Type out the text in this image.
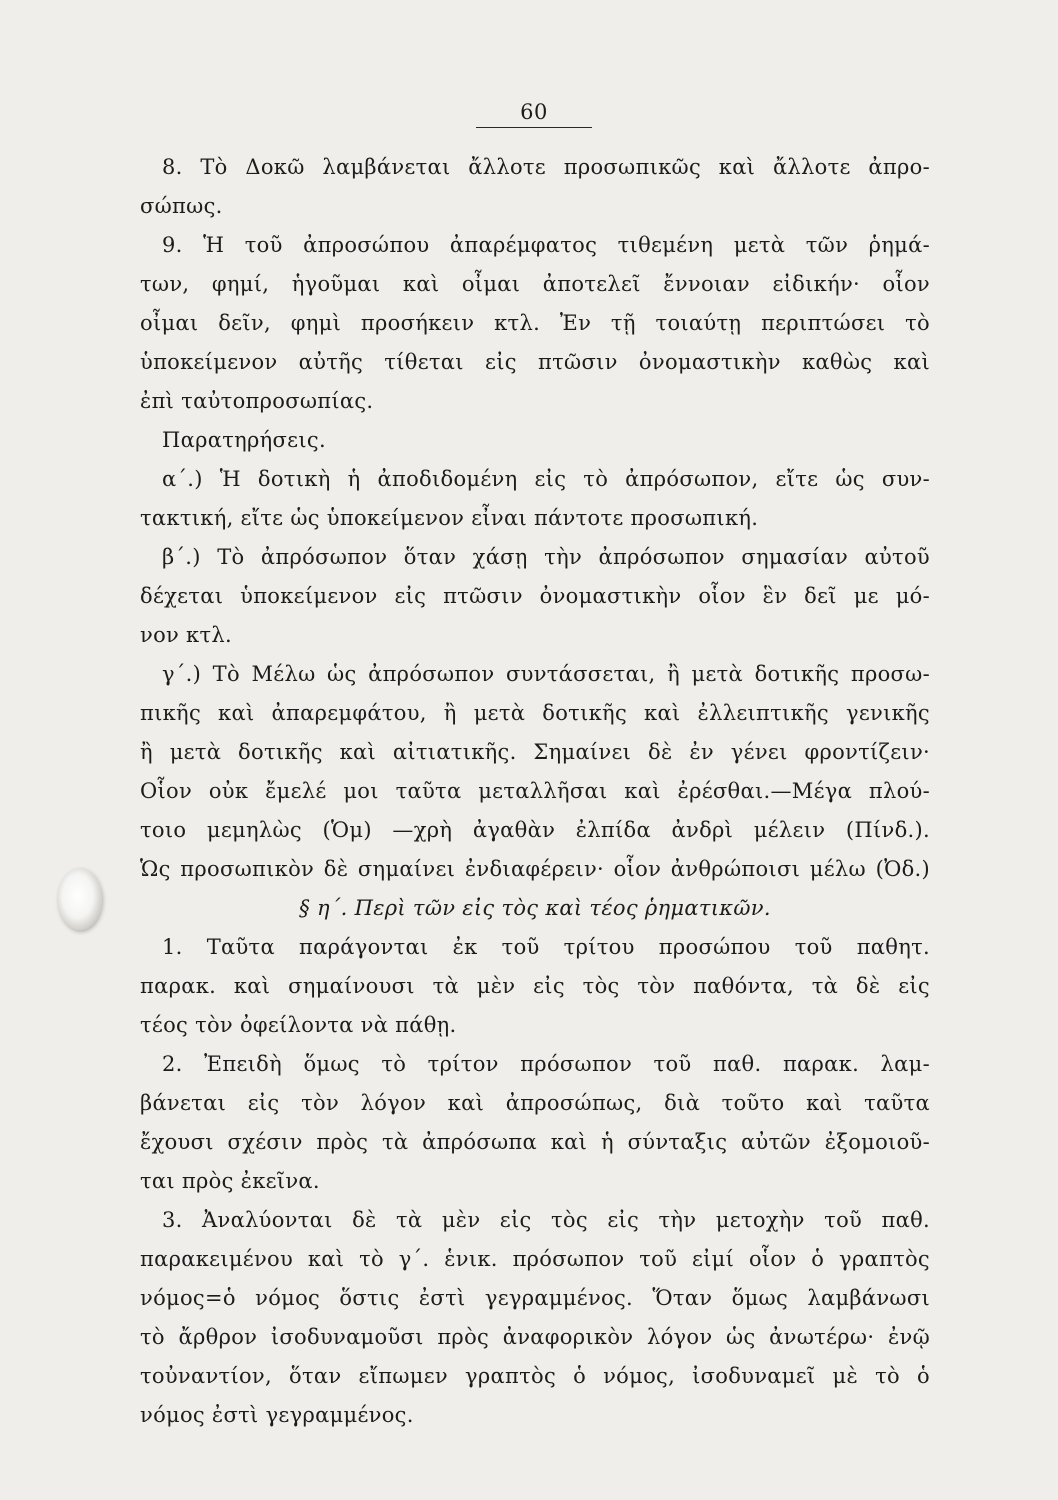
60
8. Τὸ Δοκῶ λαμβάνεται ἄλλοτε προσωπικῶς καὶ ἄλλοτε ἀπρο-
σώπως.
9. Ἡ τοῦ ἀπροσώπου ἀπαρέμφατος τιθεμένη μετὰ τῶν ῥημά-
των, φημί, ἡγοῦμαι καὶ οἶμαι ἀποτελεῖ ἔννοιαν εἰδικήν· οἷον
οἶμαι δεῖν, φημὶ προσήκειν κτλ. Ἐν τῇ τοιαύτῃ περιπτώσει τὸ
ὑποκείμενον αὐτῆς τίθεται εἰς πτῶσιν ὀνομαστικὴν καθὼς καὶ
ἐπὶ ταὐτοπροσωπίας.
Παρατηρήσεις.
α΄.) Ἡ δοτικὴ ἡ ἀποδιδομένη εἰς τὸ ἀπρόσωπον, εἴτε ὡς συν-
τακτική, εἴτε ὡς ὑποκείμενον εἶναι πάντοτε προσωπική.
β΄.) Τὸ ἀπρόσωπον ὅταν χάσῃ τὴν ἀπρόσωπον σημασίαν αὐτοῦ
δέχεται ὑποκείμενον εἰς πτῶσιν ὀνομαστικὴν οἷον ἓν δεῖ με μό-
νον κτλ.
γ΄.) Τὸ Μέλω ὡς ἀπρόσωπον συντάσσεται, ἢ μετὰ δοτικῆς προσω-
πικῆς καὶ ἀπαρεμφάτου, ἢ μετὰ δοτικῆς καὶ ἐλλειπτικῆς γενικῆς
ἢ μετὰ δοτικῆς καὶ αἰτιατικῆς. Σημαίνει δὲ ἐν γένει φροντίζειν·
Οἷον οὐκ ἔμελέ μοι ταῦτα μεταλλῆσαι καὶ ἐρέσθαι.—Μέγα πλού-
τοιο μεμηλὼς (Ὁμ) —χρὴ ἀγαθὰν ἐλπίδα ἀνδρὶ μέλειν (Πίνδ.).
Ὡς προσωπικὸν δὲ σημαίνει ἐνδιαφέρειν· οἷον ἀνθρώποισι μέλω (Ὀδ.)
§ η΄. Περὶ τῶν εἰς τὸς καὶ τέος ῥηματικῶν.
1. Ταῦτα παράγονται ἐκ τοῦ τρίτου προσώπου τοῦ παθητ.
παρακ. καὶ σημαίνουσι τὰ μὲν εἰς τὸς τὸν παθόντα, τὰ δὲ εἰς
τέος τὸν ὀφείλοντα νὰ πάθῃ.
2. Ἐπειδὴ ὅμως τὸ τρίτον πρόσωπον τοῦ παθ. παρακ. λαμ-
βάνεται εἰς τὸν λόγον καὶ ἀπροσώπως, διὰ τοῦτο καὶ ταῦτα
ἔχουσι σχέσιν πρὸς τὰ ἀπρόσωπα καὶ ἡ σύνταξις αὐτῶν ἐξομοιοῦ-
ται πρὸς ἐκεῖνα.
3. Ἀναλύονται δὲ τὰ μὲν εἰς τὸς εἰς τὴν μετοχὴν τοῦ παθ.
παρακειμένου καὶ τὸ γ΄. ἑνικ. πρόσωπον τοῦ εἰμί οἷον ὁ γραπτὸς
νόμος=ὁ νόμος ὅστις ἐστὶ γεγραμμένος. Ὅταν ὅμως λαμβάνωσι
τὸ ἄρθρον ἰσοδυναμοῦσι πρὸς ἀναφορικὸν λόγον ὡς ἀνωτέρω· ἐνῷ
τοὐναντίον, ὅταν εἴπωμεν γραπτὸς ὁ νόμος, ἰσοδυναμεῖ μὲ τὸ ὁ
νόμος ἐστὶ γεγραμμένος.
